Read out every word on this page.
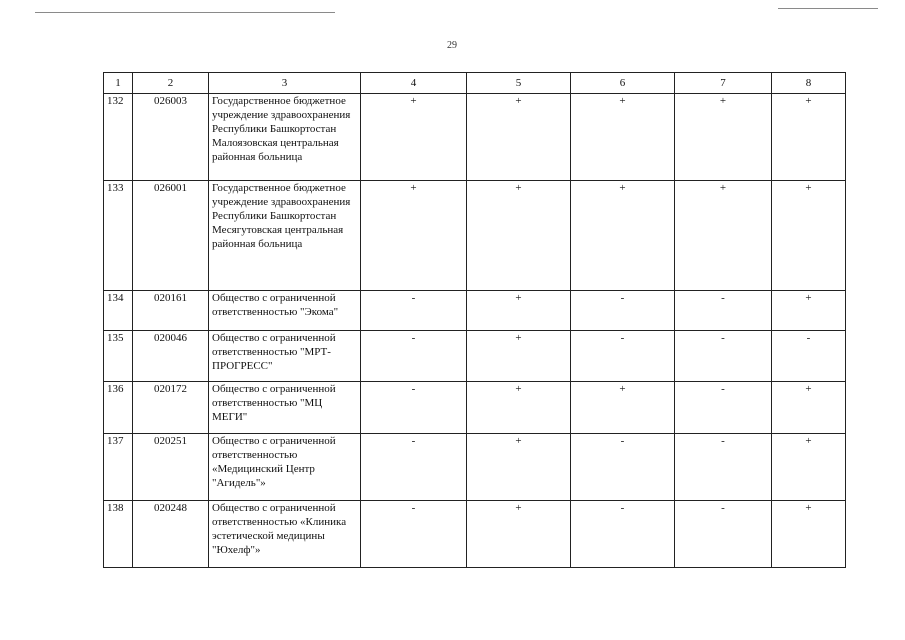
29
1	2	3	4	5	6	7	8
132	026003	Государственное бюджетное учреждение здравоохранения Республики Башкортостан Малоязовская центральная районная больница	+	+	+	+	+
133	026001	Государственное бюджетное учреждение здравоохранения Республики Башкортостан Месягутовская центральная районная больница	+	+	+	+	+
134	020161	Общество с ограниченной ответственностью "Экома"	-	+	-	-	+
135	020046	Общество с ограниченной ответственностью "МРТ-ПРОГРЕСС"	-	+	-	-	-
136	020172	Общество с ограниченной ответственностью "МЦ МЕГИ"	-	+	+	-	+
137	020251	Общество с ограниченной ответственностью «Медицинский Центр "Агидель"»	-	+	-	-	+
138	020248	Общество с ограниченной ответственностью «Клиника эстетической медицины "Юхелф"»	-	+	-	-	+
